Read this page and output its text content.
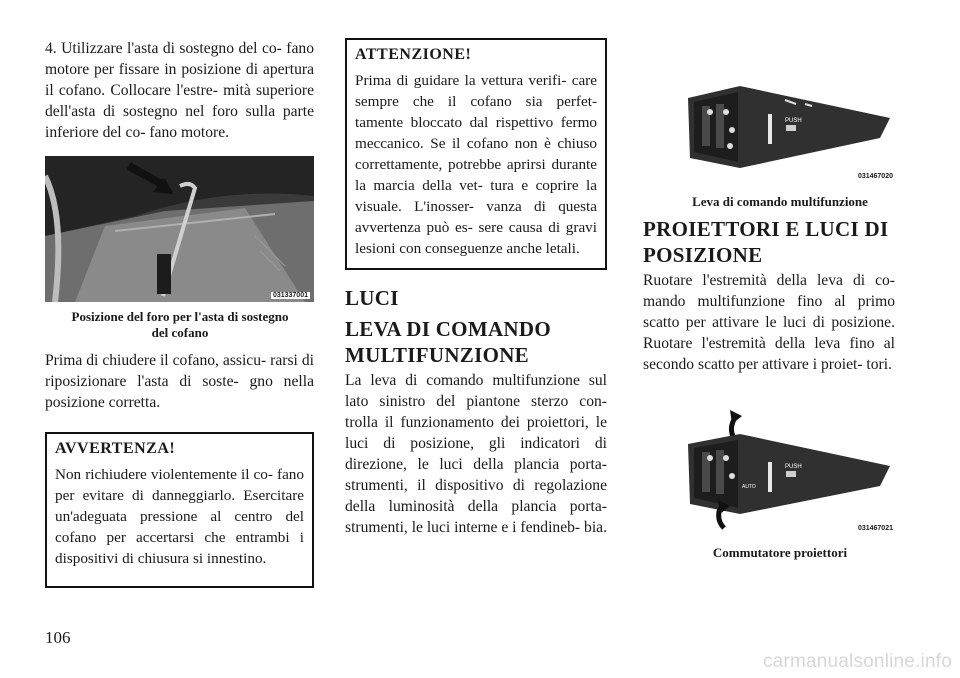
4. Utilizzare l'asta di sostegno del co- fano motore per fissare in posizione di apertura il cofano. Collocare l'estre- mità superiore dell'asta di sostegno nel foro sulla parte inferiore del co- fano motore.

031337001
Posizione del foro per l'asta di sostegno del cofano

Prima di chiudere il cofano, assicu- rarsi di riposizionare l'asta di soste- gno nella posizione corretta.

AVVERTENZA!

Non richiudere violentemente il co- fano per evitare di danneggiarlo. Esercitare un'adeguata pressione al centro del cofano per accertarsi che entrambi i dispositivi di chiusura si innestino.

ATTENZIONE!

Prima di guidare la vettura verifi- care sempre che il cofano sia perfet- tamente bloccato dal rispettivo fermo meccanico. Se il cofano non è chiuso correttamente, potrebbe aprirsi durante la marcia della vet- tura e coprire la visuale. L'inosser- vanza di questa avvertenza può es- sere causa di gravi lesioni con conseguenze anche letali.

LUCI
LEVA DI COMANDO MULTIFUNZIONE

La leva di comando multifunzione sul lato sinistro del piantone sterzo con- trolla il funzionamento dei proiettori, le luci di posizione, gli indicatori di direzione, le luci della plancia porta- strumenti, il dispositivo di regolazione della luminosità della plancia porta- strumenti, le luci interne e i fendineb- bia.

PUSH
031467020
Leva di comando multifunzione
PROIETTORI E LUCI DI POSIZIONE

Ruotare l'estremità della leva di co- mando multifunzione fino al primo scatto per attivare le luci di posizione. Ruotare l'estremità della leva fino al secondo scatto per attivare i proiet- tori.

AUTO
PUSH
031467021
Commutatore proiettori
106
carmanualsonline.info
